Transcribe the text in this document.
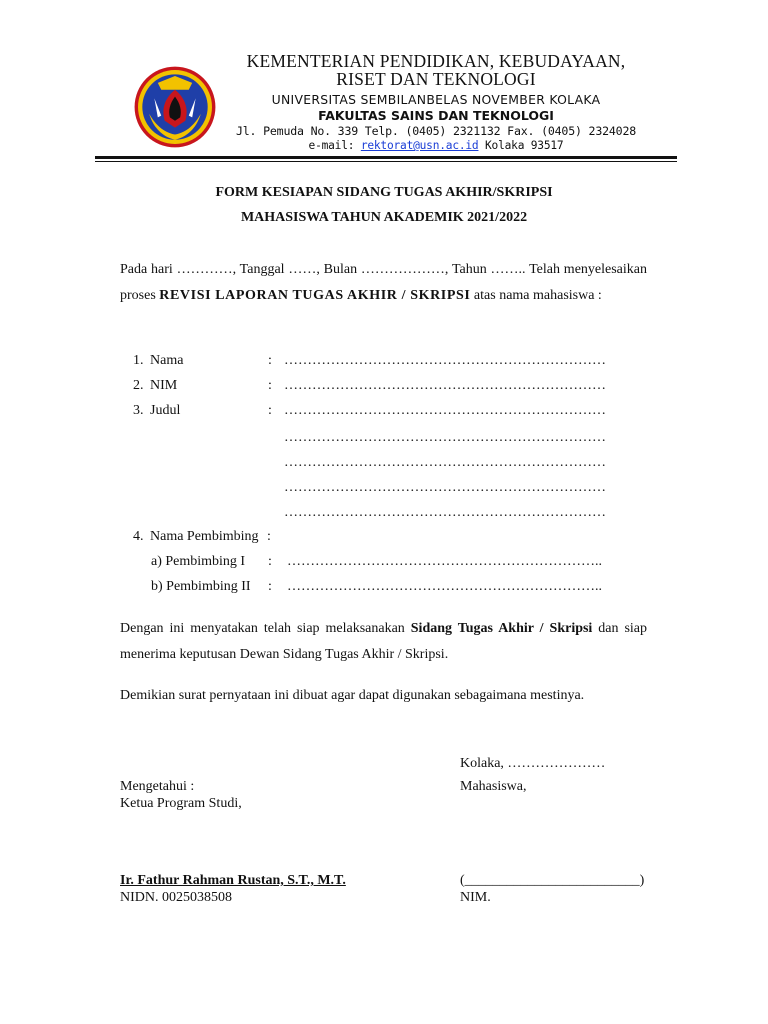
KEMENTERIAN PENDIDIKAN, KEBUDAYAAN,
RISET DAN TEKNOLOGI
UNIVERSITAS SEMBILANBELAS NOVEMBER KOLAKA
FAKULTAS SAINS DAN TEKNOLOGI
Jl. Pemuda No. 339 Telp. (0405) 2321132 Fax. (0405) 2324028
e-mail: rektorat@usn.ac.id Kolaka 93517
FORM KESIAPAN SIDANG TUGAS AKHIR/SKRIPSI
MAHASISWA TAHUN AKADEMIK 2021/2022
Pada hari …………, Tanggal ……, Bulan ………………, Tahun …….. Telah menyelesaikan proses REVISI LAPORAN TUGAS AKHIR / SKRIPSI atas nama mahasiswa :
1. Nama	: ……………………………………………………………
2. NIM	: ……………………………………………………………
3. Judul	: ……………………………………………………………
……………………………………………………………
……………………………………………………………
……………………………………………………………
……………………………………………………………
4. Nama Pembimbing :
a) Pembimbing I : …………………………………………………………..
b) Pembimbing II : …………………………………………………………..
Dengan ini menyatakan telah siap melaksanakan Sidang Tugas Akhir / Skripsi dan siap menerima keputusan Dewan Sidang Tugas Akhir / Skripsi.
Demikian surat pernyataan ini dibuat agar dapat digunakan sebagaimana mestinya.
Kolaka, …………………
Mengetahui :	Mahasiswa,
Ketua Program Studi,
Ir. Fathur Rahman Rustan, S.T., M.T.	(_________________________)
NIDN. 0025038508	NIM.
